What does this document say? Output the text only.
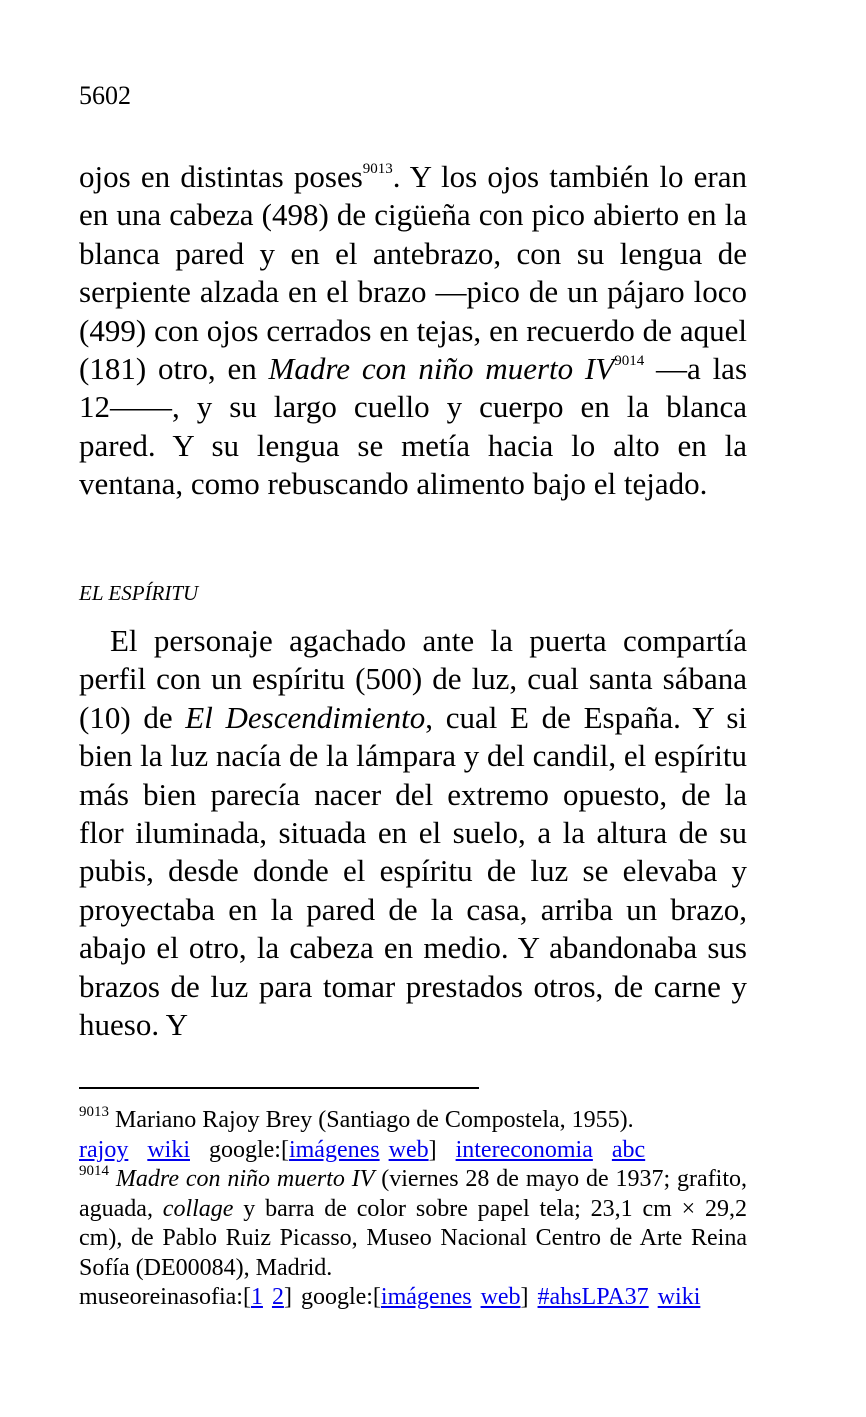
5602

ojos en distintas poses$^{9013}$. Y los ojos también lo eran en una cabeza (498) de cigüeña con pico abierto en la blanca pared y en el antebrazo, con su lengua de serpiente alzada en el brazo ―pico de un pájaro loco (499) con ojos cerrados en tejas, en recuerdo de aquel (181) otro, en Madre con niño muerto IV$^{9014}$ ―a las 12――, y su largo cuello y cuerpo en la blanca pared. Y su lengua se metía hacia lo alto en la ventana, como rebuscando alimento bajo el tejado.

EL ESPÍRITU

El personaje agachado ante la puerta compartía perfil con un espíritu (500) de luz, cual santa sábana (10) de El Descendimiento, cual E de España. Y si bien la luz nacía de la lámpara y del candil, el espíritu más bien parecía nacer del extremo opuesto, de la flor iluminada, situada en el suelo, a la altura de su pubis, desde donde el espíritu de luz se elevaba y proyectaba en la pared de la casa, arriba un brazo, abajo el otro, la cabeza en medio. Y abandonaba sus brazos de luz para tomar prestados otros, de carne y hueso. Y

$^{9013}$ Mariano Rajoy Brey (Santiago de Compostela, 1955).
rajoy wiki google:[imágenes web] intereconomia abc
$^{9014}$ Madre con niño muerto IV (viernes 28 de mayo de 1937; grafito, aguada, collage y barra de color sobre papel tela; 23,1 cm × 29,2 cm), de Pablo Ruiz Picasso, Museo Nacional Centro de Arte Reina Sofía (DE00084), Madrid.
museoreinasofia:[1 2] google:[imágenes web] #ahsLPA37 wiki
